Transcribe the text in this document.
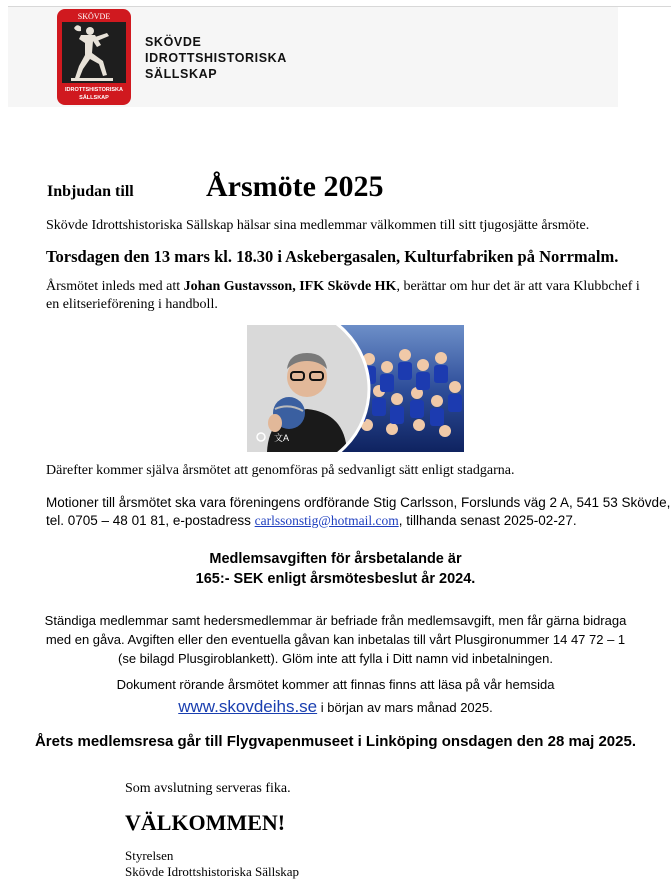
SKÖVDE
IDROTTSHISTORISKA
SÄLLSKAP
SKÖVDE
IDROTTSHISTORISKA
SÄLLSKAP
Inbjudan till Årsmöte 2025
Skövde Idrottshistoriska Sällskap hälsar sina medlemmar välkommen till sitt tjugosjätte årsmöte.
Torsdagen den 13 mars kl. 18.30 i Askebergasalen, Kulturfabriken på Norrmalm.
Årsmötet inleds med att Johan Gustavsson, IFK Skövde HK, berättar om hur det är att vara Klubbchef i en elitserieförening i handboll.
文A
Därefter kommer själva årsmötet att genomföras på sedvanligt sätt enligt stadgarna.
Motioner till årsmötet ska vara föreningens ordförande Stig Carlsson, Forslunds väg 2 A, 541 53 Skövde,
tel. 0705 – 48 01 81, e-postadress carlssonstig@hotmail.com, tillhanda senast 2025-02-27.
Medlemsavgiften för årsbetalande är
165:- SEK enligt årsmötesbeslut år 2024.
Ständiga medlemmar samt hedersmedlemmar är befriade från medlemsavgift, men får gärna bidraga
med en gåva. Avgiften eller den eventuella gåvan kan inbetalas till vårt Plusgironummer 14 47 72 – 1
(se bilagd Plusgiroblankett). Glöm inte att fylla i Ditt namn vid inbetalningen.
Dokument rörande årsmötet kommer att finnas finns att läsa på vår hemsida
www.skovdeihs.se i början av mars månad 2025.
Årets medlemsresa går till Flygvapenmuseet i Linköping onsdagen den 28 maj 2025.
Som avslutning serveras fika.
VÄLKOMMEN!
Styrelsen
Skövde Idrottshistoriska Sällskap
